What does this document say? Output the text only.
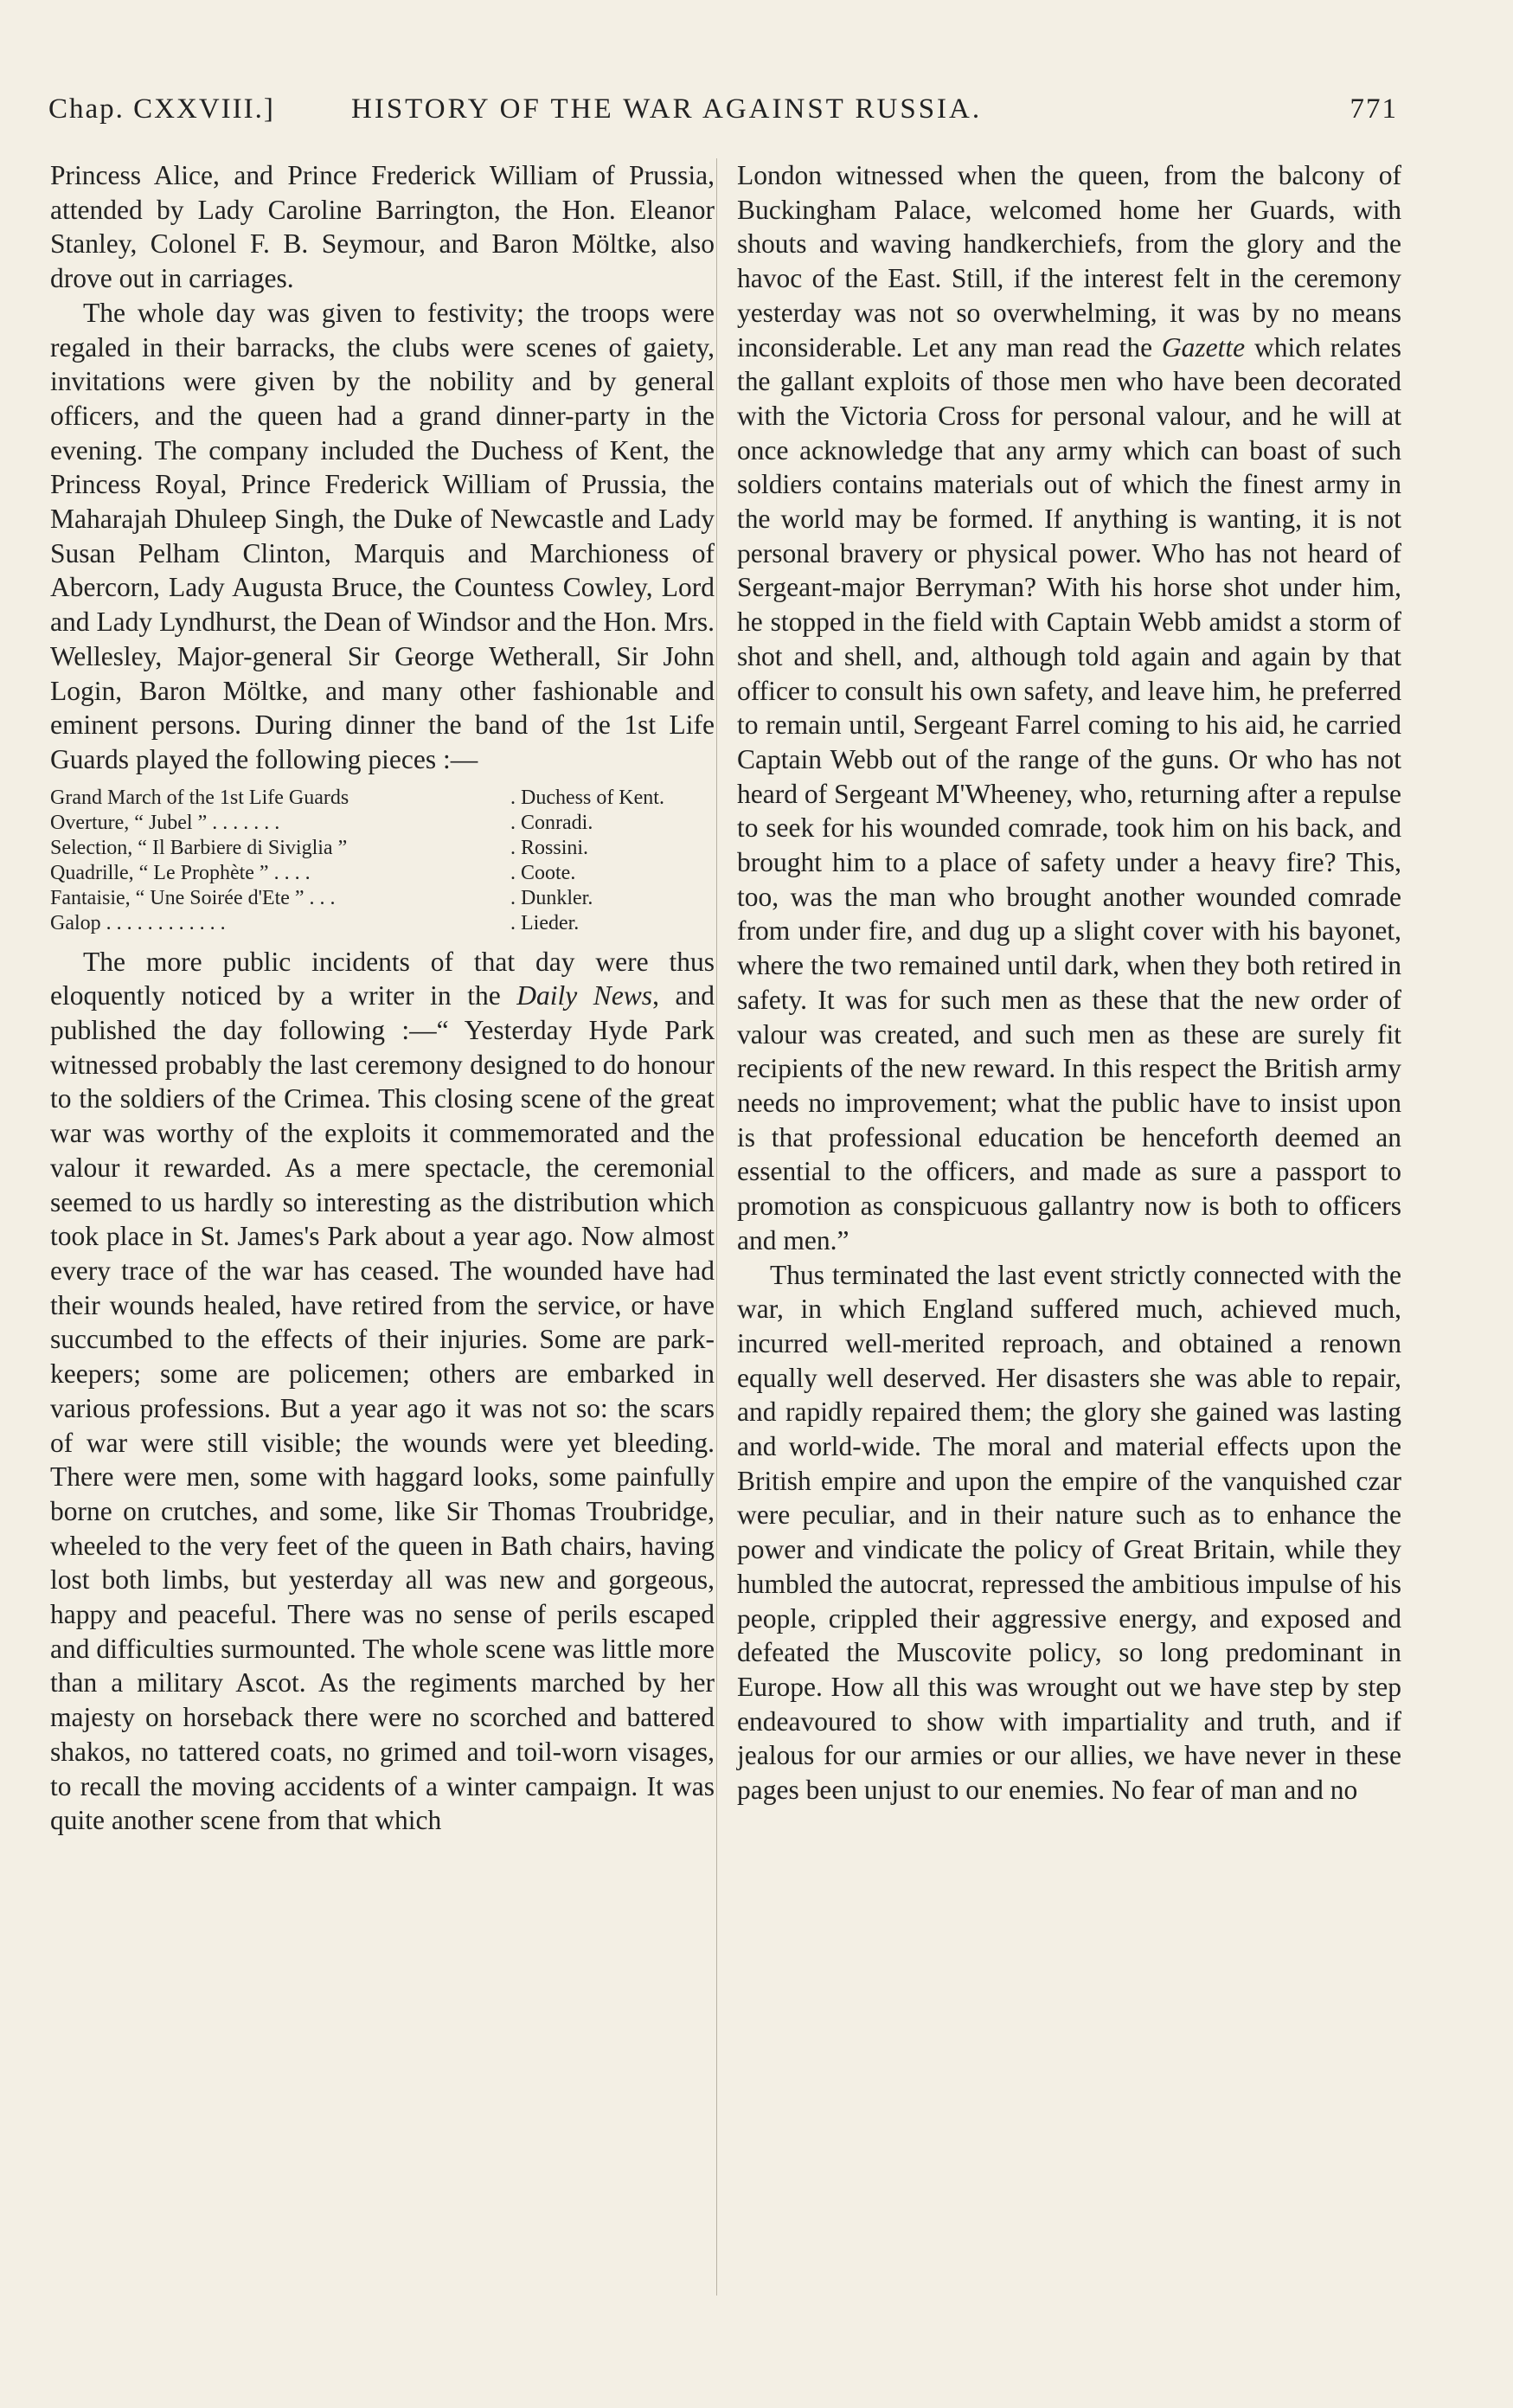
Chap. CXXVIII.]	HISTORY OF THE WAR AGAINST RUSSIA.	771

Princess Alice, and Prince Frederick William of Prussia, attended by Lady Caroline Barrington, the Hon. Eleanor Stanley, Colonel F. B. Seymour, and Baron Möltke, also drove out in carriages.

The whole day was given to festivity; the troops were regaled in their barracks, the clubs were scenes of gaiety, invitations were given by the nobility and by general officers, and the queen had a grand dinner-party in the evening. The company included the Duchess of Kent, the Princess Royal, Prince Frederick William of Prussia, the Maharajah Dhuleep Singh, the Duke of Newcastle and Lady Susan Pelham Clinton, Marquis and Marchioness of Abercorn, Lady Augusta Bruce, the Countess Cowley, Lord and Lady Lyndhurst, the Dean of Windsor and the Hon. Mrs. Wellesley, Major-general Sir George Wetherall, Sir John Login, Baron Möltke, and many other fashionable and eminent persons. During dinner the band of the 1st Life Guards played the following pieces :—

Grand March of the 1st Life Guards	. Duchess of Kent.
Overture, “ Jubel ” . . . . . . .	. Conradi.
Selection, “ Il Barbiere di Siviglia ”	. Rossini.
Quadrille, “ Le Prophète ” . . . .	. Coote.
Fantaisie, “ Une Soirée d'Ete ” . . .	. Dunkler.
Galop . . . . . . . . . . . .	. Lieder.

The more public incidents of that day were thus eloquently noticed by a writer in the Daily News, and published the day following :—“ Yesterday Hyde Park witnessed probably the last ceremony designed to do honour to the soldiers of the Crimea. This closing scene of the great war was worthy of the exploits it commemorated and the valour it rewarded. As a mere spectacle, the ceremonial seemed to us hardly so interesting as the distribution which took place in St. James's Park about a year ago. Now almost every trace of the war has ceased. The wounded have had their wounds healed, have retired from the service, or have succumbed to the effects of their injuries. Some are park-keepers; some are policemen; others are embarked in various professions. But a year ago it was not so: the scars of war were still visible; the wounds were yet bleeding. There were men, some with haggard looks, some painfully borne on crutches, and some, like Sir Thomas Troubridge, wheeled to the very feet of the queen in Bath chairs, having lost both limbs, but yesterday all was new and gorgeous, happy and peaceful. There was no sense of perils escaped and difficulties surmounted. The whole scene was little more than a military Ascot. As the regiments marched by her majesty on horseback there were no scorched and battered shakos, no tattered coats, no grimed and toil-worn visages, to recall the moving accidents of a winter campaign. It was quite another scene from that which

London witnessed when the queen, from the balcony of Buckingham Palace, welcomed home her Guards, with shouts and waving handkerchiefs, from the glory and the havoc of the East. Still, if the interest felt in the ceremony yesterday was not so overwhelming, it was by no means inconsiderable. Let any man read the Gazette which relates the gallant exploits of those men who have been decorated with the Victoria Cross for personal valour, and he will at once acknowledge that any army which can boast of such soldiers contains materials out of which the finest army in the world may be formed. If anything is wanting, it is not personal bravery or physical power. Who has not heard of Sergeant-major Berryman? With his horse shot under him, he stopped in the field with Captain Webb amidst a storm of shot and shell, and, although told again and again by that officer to consult his own safety, and leave him, he preferred to remain until, Sergeant Farrel coming to his aid, he carried Captain Webb out of the range of the guns. Or who has not heard of Sergeant M'Wheeney, who, returning after a repulse to seek for his wounded comrade, took him on his back, and brought him to a place of safety under a heavy fire? This, too, was the man who brought another wounded comrade from under fire, and dug up a slight cover with his bayonet, where the two remained until dark, when they both retired in safety. It was for such men as these that the new order of valour was created, and such men as these are surely fit recipients of the new reward. In this respect the British army needs no improvement; what the public have to insist upon is that professional education be henceforth deemed an essential to the officers, and made as sure a passport to promotion as conspicuous gallantry now is both to officers and men.”

Thus terminated the last event strictly connected with the war, in which England suffered much, achieved much, incurred well-merited reproach, and obtained a renown equally well deserved. Her disasters she was able to repair, and rapidly repaired them; the glory she gained was lasting and world-wide. The moral and material effects upon the British empire and upon the empire of the vanquished czar were peculiar, and in their nature such as to enhance the power and vindicate the policy of Great Britain, while they humbled the autocrat, repressed the ambitious impulse of his people, crippled their aggressive energy, and exposed and defeated the Muscovite policy, so long predominant in Europe. How all this was wrought out we have step by step endeavoured to show with impartiality and truth, and if jealous for our armies or our allies, we have never in these pages been unjust to our enemies. No fear of man and no
